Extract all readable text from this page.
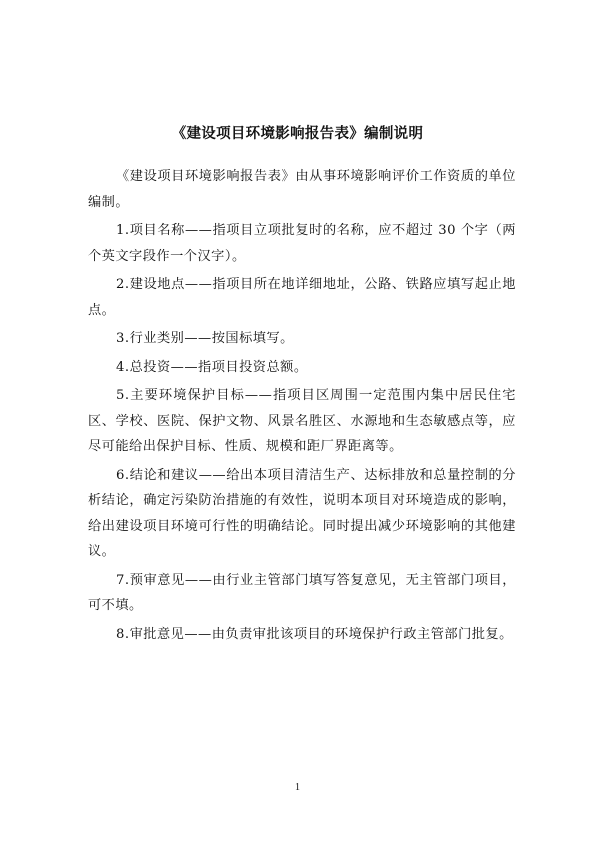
《建设项目环境影响报告表》编制说明

《建设项目环境影响报告表》由从事环境影响评价工作资质的单位编制。

1.项目名称——指项目立项批复时的名称，应不超过 30 个字（两个英文字段作一个汉字）。

2.建设地点——指项目所在地详细地址，公路、铁路应填写起止地点。

3.行业类别——按国标填写。

4.总投资——指项目投资总额。

5.主要环境保护目标——指项目区周围一定范围内集中居民住宅区、学校、医院、保护文物、风景名胜区、水源地和生态敏感点等，应尽可能给出保护目标、性质、规模和距厂界距离等。

6.结论和建议——给出本项目清洁生产、达标排放和总量控制的分析结论，确定污染防治措施的有效性，说明本项目对环境造成的影响，给出建设项目环境可行性的明确结论。同时提出减少环境影响的其他建议。

7.预审意见——由行业主管部门填写答复意见，无主管部门项目，可不填。

8.审批意见——由负责审批该项目的环境保护行政主管部门批复。

1
